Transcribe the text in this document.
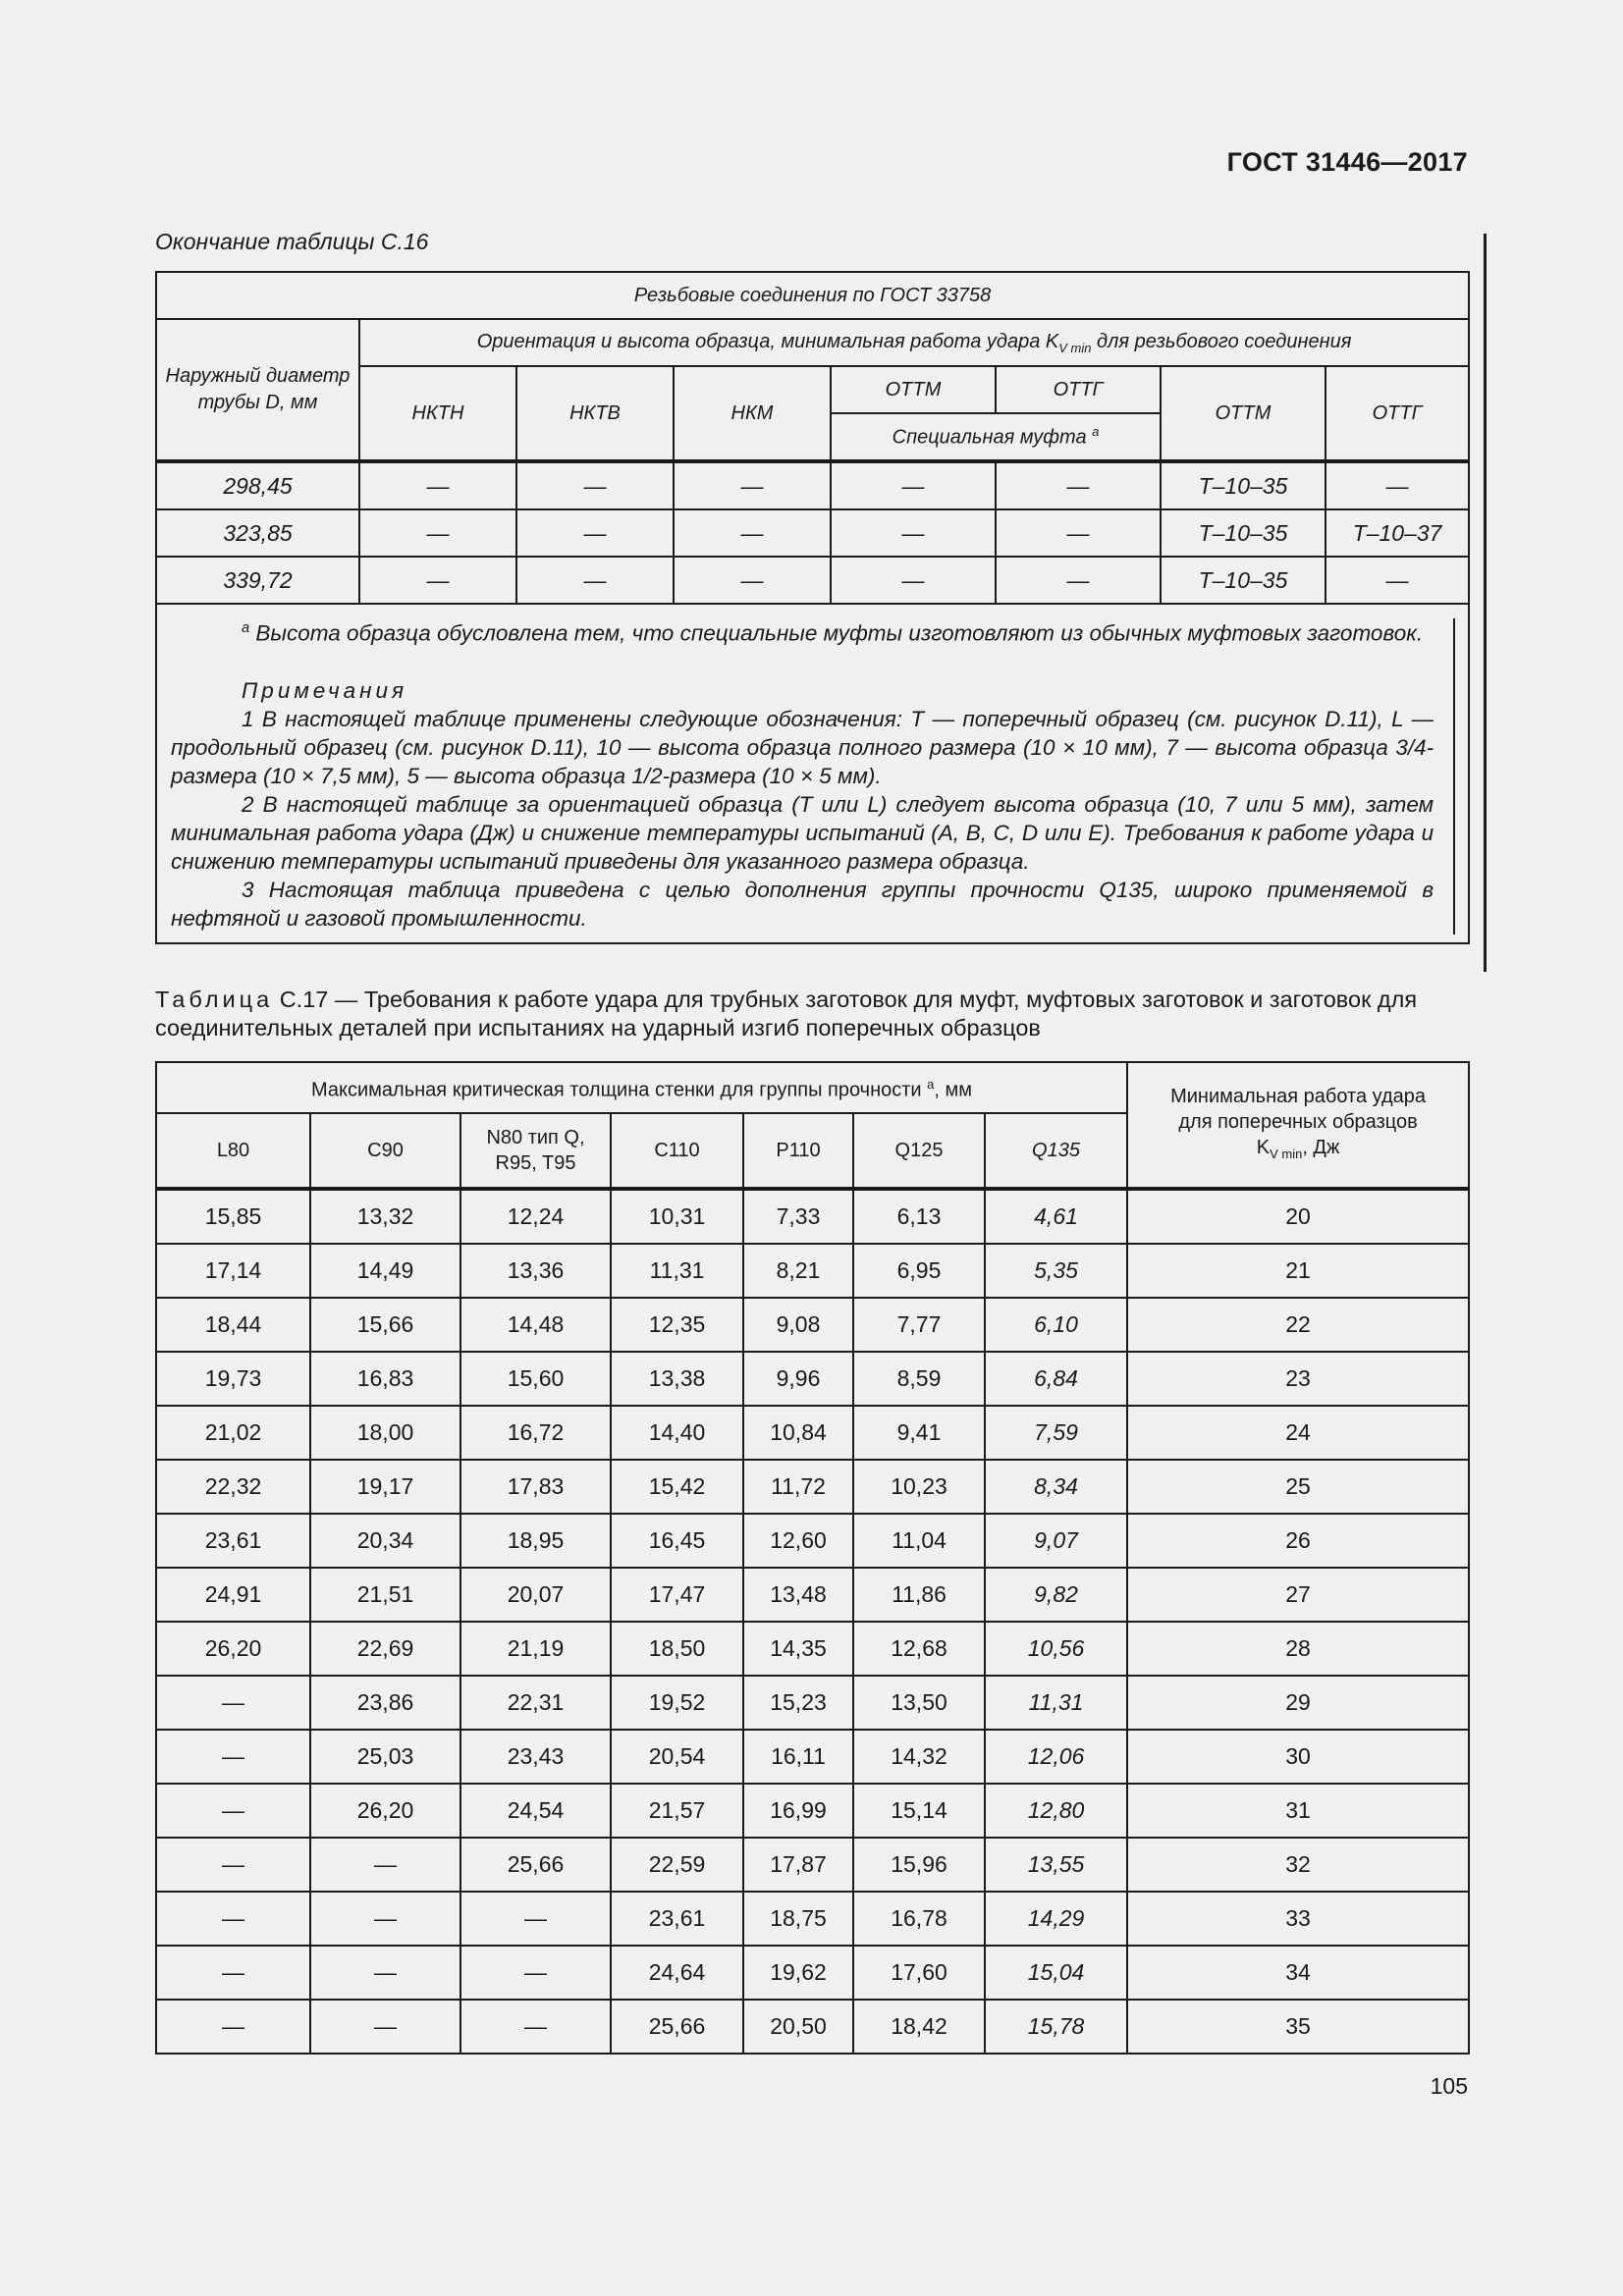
ГОСТ 31446—2017
Окончание таблицы С.16
Резьбовые соединения по ГОСТ 33758							
Наружный диаметр трубы D, мм	Ориентация и высота образца, минимальная работа удара $K_{V min}$ для резьбового соединения						
	НКТН	НКТВ	НКМ	ОТТМ	ОТТГ	ОТТМ	ОТТГ
				Специальная муфта $^a$
298,45	—	—	—	—	—	Т–10–35	—
323,85	—	—	—	—	—	Т–10–35	Т–10–37
339,72	—	—	—	—	—	Т–10–35	—

$^a$ Высота образца обусловлена тем, что специальные муфты изготовляют из обычных муфтовых заготовок.

Примечания

1 В настоящей таблице применены следующие обозначения: Т — поперечный образец (см. рисунок D.11), L — продольный образец (см. рисунок D.11), 10 — высота образца полного размера (10 × 10 мм), 7 — высота образца 3/4-размера (10 × 7,5 мм), 5 — высота образца 1/2-размера (10 × 5 мм).

2 В настоящей таблице за ориентацией образца (Т или L) следует высота образца (10, 7 или 5 мм), затем минимальная работа удара (Дж) и снижение температуры испытаний (А, В, С, D или Е). Требования к работе удара и снижению температуры испытаний приведены для указанного размера образца.

3 Настоящая таблица приведена с целью дополнения группы прочности Q135, широко применяемой в нефтяной и газовой промышленности.							

Таблица С.17 — Требования к работе удара для трубных заготовок для муфт, муфтовых заготовок и заготовок для соединительных деталей при испытаниях на ударный изгиб поперечных образцов
Максимальная критическая толщина стенки для группы прочности $^a$, мм							Минимальная работа удара
для поперечных образцов
$K_{V min}$, Дж

L80	C90	N80 тип Q, R95, T95	C110	P110	Q125	Q135	
15,85	13,32	12,24	10,31	7,33	6,13	4,61	20
17,14	14,49	13,36	11,31	8,21	6,95	5,35	21
18,44	15,66	14,48	12,35	9,08	7,77	6,10	22
19,73	16,83	15,60	13,38	9,96	8,59	6,84	23
21,02	18,00	16,72	14,40	10,84	9,41	7,59	24
22,32	19,17	17,83	15,42	11,72	10,23	8,34	25
23,61	20,34	18,95	16,45	12,60	11,04	9,07	26
24,91	21,51	20,07	17,47	13,48	11,86	9,82	27
26,20	22,69	21,19	18,50	14,35	12,68	10,56	28
—	23,86	22,31	19,52	15,23	13,50	11,31	29
—	25,03	23,43	20,54	16,11	14,32	12,06	30
—	26,20	24,54	21,57	16,99	15,14	12,80	31
—	—	25,66	22,59	17,87	15,96	13,55	32
—	—	—	23,61	18,75	16,78	14,29	33
—	—	—	24,64	19,62	17,60	15,04	34
—	—	—	25,66	20,50	18,42	15,78	35
105
